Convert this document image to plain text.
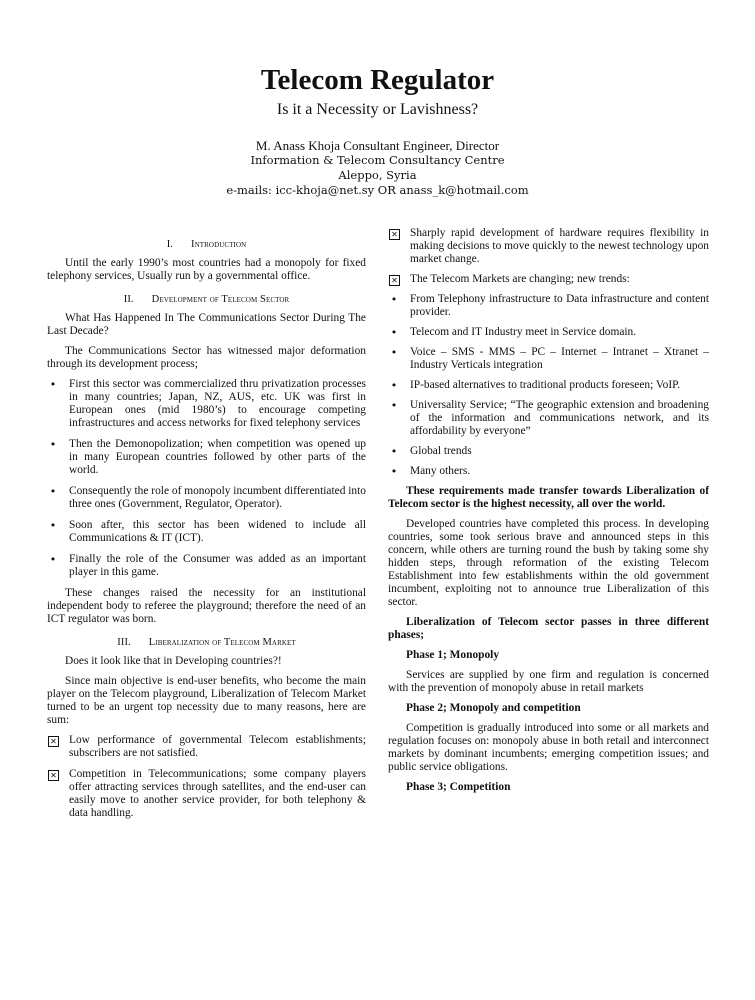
Telecom Regulator
Is it a Necessity or Lavishness?
M. Anass Khoja Consultant Engineer, Director
Information & Telecom Consultancy Centre
Aleppo, Syria
e-mails: icc-khoja@net.sy OR anass_k@hotmail.com
I. Introduction

Until the early 1990’s most countries had a monopoly for fixed telephony services, Usually run by a governmental office.

II. Development of Telecom Sector

What Has Happened In The Communications Sector During The Last Decade?

The Communications Sector has witnessed major deformation through its development process;

•
First this sector was commercialized thru privatization processes in many countries; Japan, NZ, AUS, etc. UK was first in European ones (mid 1980’s) to encourage competing infrastructures and access networks for fixed telephony services
•
Then the Demonopolization; when competition was opened up in many European countries followed by other parts of the world.
•
Consequently the role of monopoly incumbent differentiated into three ones (Government, Regulator, Operator).
•
Soon after, this sector has been widened to include all Communications & IT (ICT).
•
Finally the role of the Consumer was added as an important player in this game.

These changes raised the necessity for an institutional independent body to referee the playground; therefore the need of an ICT regulator was born.

III. Liberalization of Telecom Market

Does it look like that in Developing countries?!

Since main objective is end-user benefits, who become the main player on the Telecom playground, Liberalization of Telecom Market turned to be an urgent top necessity due to many reasons, here are sum:

✕
Low performance of governmental Telecom establishments; subscribers are not satisfied.
✕
Competition in Telecommunications; some company players offer attracting services through satellites, and the end-user can easily move to another service provider, for both telephony & data handling.
✕
Sharply rapid development of hardware requires flexibility in making decisions to move quickly to the newest technology upon market change.
✕
The Telecom Markets are changing; new trends:
•
From Telephony infrastructure to Data infrastructure and content provider.
•
Telecom and IT Industry meet in Service domain.
•
Voice – SMS - MMS – PC – Internet – Intranet – Xtranet – Industry Verticals integration
•
IP-based alternatives to traditional products foreseen; VoIP.
•
Universality Service; “The geographic extension and broadening of the information and communications network, and its affordability by everyone”
•
Global trends
•
Many others.

These requirements made transfer towards Liberalization of Telecom sector is the highest necessity, all over the world.

Developed countries have completed this process. In developing countries, some took serious brave and announced steps in this concern, while others are turning round the bush by taking some shy hidden steps, through reformation of the existing Telecom Establishment into few establishments within the old government incumbent, exploiting not to announce true Liberalization of this sector.

Liberalization of Telecom sector passes in three different phases;

Phase 1; Monopoly

Services are supplied by one firm and regulation is concerned with the prevention of monopoly abuse in retail markets

Phase 2; Monopoly and competition

Competition is gradually introduced into some or all markets and regulation focuses on: monopoly abuse in both retail and interconnect markets by dominant incumbents; emerging competition issues; and public service obligations.

Phase 3; Competition
